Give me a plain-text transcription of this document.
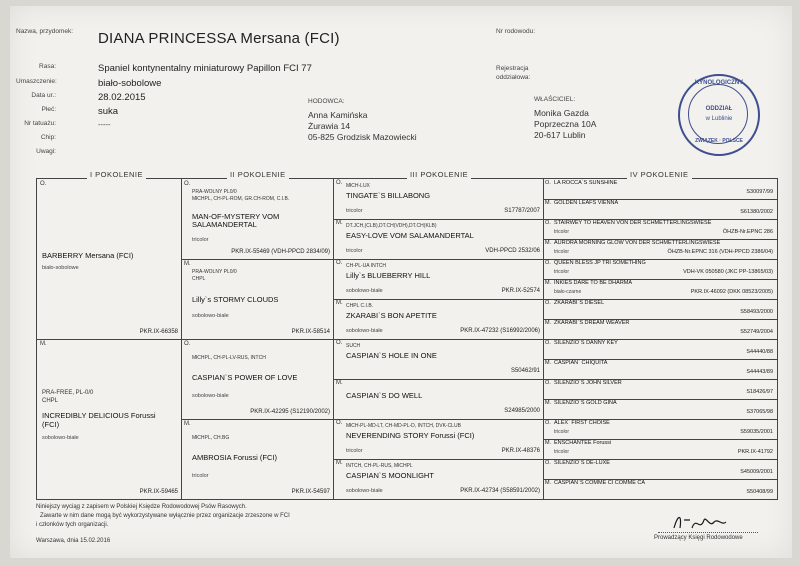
Nazwa, przydomek: DIANA PRINCESSA Mersana (FCI)	Nr rodowodu:
Rasa:	Spaniel kontynentalny miniaturowy Papillon FCI 77
Umaszczenie:	biało-sobolowe
Data ur.:	28.02.2015
Płeć:	suka
Nr tatuażu:	-----
Chip:
Uwagi:
Rejestracja oddziałowa:
HODOWCA:
Anna Kamińska
Żurawia 14
05-825 Grodzisk Mazowiecki
WŁAŚCICIEL:
Monika Gazda
Poprzeczna 10A
20-617 Lublin
KYNOLOGICZNY
ODDZIAŁ
w Lublinie
ZWIĄZEK · POLSCE
I POKOLENIE	II POKOLENIE	III POKOLENIE	IV POKOLENIE
O.
BARBERRY Mersana (FCI)
biało-sobolowe
PKR.IX-66358
M.
PRA-FREE, PL-0/0
CHPL
INCREDIBLY DELICIOUS Forussi
(FCI)
sobolowo-białe
PKR.IX-59465
O.
PRA-WOLNY PL0/0
MłCHPL, CH-PL-ROM, GR.CH-ROM, C.I.B.
MAN-OF-MYSTERY VOM
SALAMANDERTAL
tricolor
PKR.IX-55469 (VDH-PPCD 2834/09)
M.
PRA-WOLNY PL0/0
CHPL
Lilly`s STORMY CLOUDS
sobolowo-białe
PKR.IX-58514
O.
MłCHPL, CH-PL-LV-RUS, INTCH
CASPIAN`S POWER OF LOVE
sobolowo-białe
PKR.IX-42295 (S12190/2002)
M.
MłCHPL, CH.BG
AMBROSIA Forussi (FCI)
tricolor
PKR.IX-54597
O. MłCH-LUX
TINGATE`S BILLABONG
tricolor	S17787/2007
M. DT.JCH,(CLB),DT.CH(VDH),DT.CH(KLB)
EASY-LOVE VOM SALAMANDERTAL
tricolor	VDH-PPCD 2532/06
O. CH-PL-UA INTCH
Lilly`s BLUEBERRY HILL
sobolowo-białe	PKR.IX-52574
M. CHPL C.I.B.
ZKARABI`S BON APETITE
sobolowo-białe	PKR.IX-47232 (S16992/2006)
O. SUCH
CASPIAN`S HOLE IN ONE
S50462/91
M.
CASPIAN`S DO WELL
S24985/2000
O. MłCH-PL-MD-LT, CH-MD-PL-D, INTCH, DVK-CLUB
NEVERENDING STORY Forussi (FCI)
tricolor	PKR.IX-48376
M. INTCH, CH-PL-RUS, MłCHPL
CASPIAN`S MOONLIGHT
sobolowo-białe	PKR.IX-42734 (S58591/2002)
O. LA ROCCA`S SUNSHINE
S30097/99
M. GOLDEN LEAFS VIENNA
S61380/2002
O. STAIRWEY TO HEAVEN VON DER SCHMETTERLINGSWIESE
tricolor	ÖHZB-Nr.EPNC 286
M. AURORA MORNING GLOW VON DER SCHMETTERLINGSWIESE
tricolor	ÖHZB-Nr.EPNC 316 (VDH-PPCD 2386/04)
O. QUEEN BLESS JP TRI SOMETHING
tricolor	VDH-VK 050580 (JKC PP-13865/03)
M. INKIES DARE TO BE DHARMA
biało-czarne	PKR.IX-46092 (DKK 08523/2005)
O. ZKARABI`S DIESEL
S58493/2000
M. ZKARABI`S DREAM WEAVER
S52749/2004
O. SILENZIO`S DANNY KEY
S44440/88
M. CASPIAN` CHIQUITA
S44443/89
O. SILENZIO`S JOHN SILVER
S18426/97
M. SILENZIO`S GOLD GINA
S37065/98
O. ALEX` FIRST CHOISE
tricolor	S59035/2001
M. ENSCHANTEE Forussi
tricolor	PKR.IX-41792
O. SILENZIO`S DE-LUXE
S45009/2001
M. CASPIAN`S COMME CI COMME CA
S50408/99
Niniejszy wyciąg z zapisem w Polskiej Księdze Rodowodowej Psów Rasowych.
Zawarte w nim dane mogą być wykorzystywane wyłącznie przez organizacje zrzeszone w FCI
i członków tych organizacji.
Warszawa, dnia 15.02.2016	Prowadzący Księgi Rodowodowe
